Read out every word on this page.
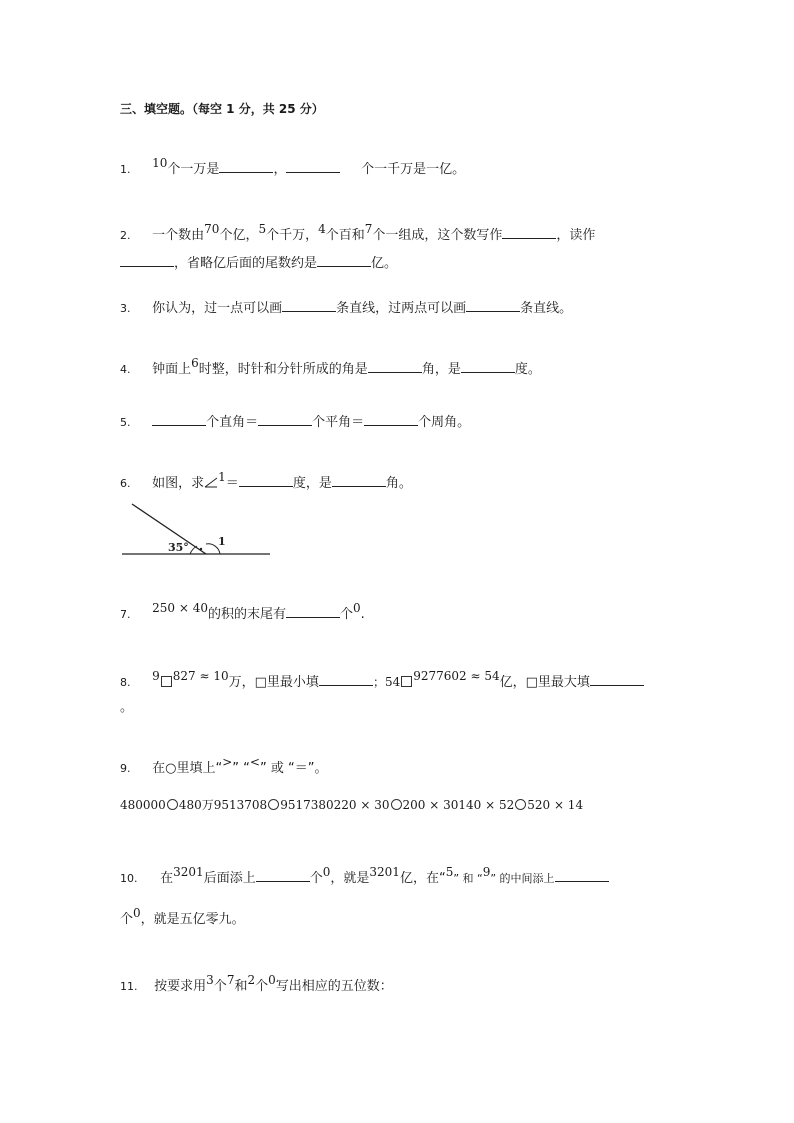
三、填空题。（每空 1 分，共 25 分）
1. 10个一万是	，	个一千万是一亿。
2. 一个数由70个亿，5个千万，4个百和7个一组成，这个数写作	，读作
，省略亿后面的尾数约是	亿。
3. 你认为，过一点可以画	条直线，过两点可以画	条直线。
4. 钟面上6时整，时针和分针所成的角是	角，是	度。
5.	个直角＝	个平角＝	个周角。
6. 如图，求 1＝	度，是	角。
35°	1
7. 250 × 40的积的末尾有	个0.
8. 9 827 ≈ 10万，□里最小填	；54 9277602 ≈ 54亿，□里最大填
。
9. 在○里填上“>” “<” 或 “＝”。
480000 480万9513708 9517380220 × 30 200 × 30140 × 52 520 × 14
10. 在3201后面添上	个0，就是3201亿，在“5” 和 “9” 的中间添上
个0，就是五亿零九。
11. 按要求用3个7和2个0写出相应的五位数：
